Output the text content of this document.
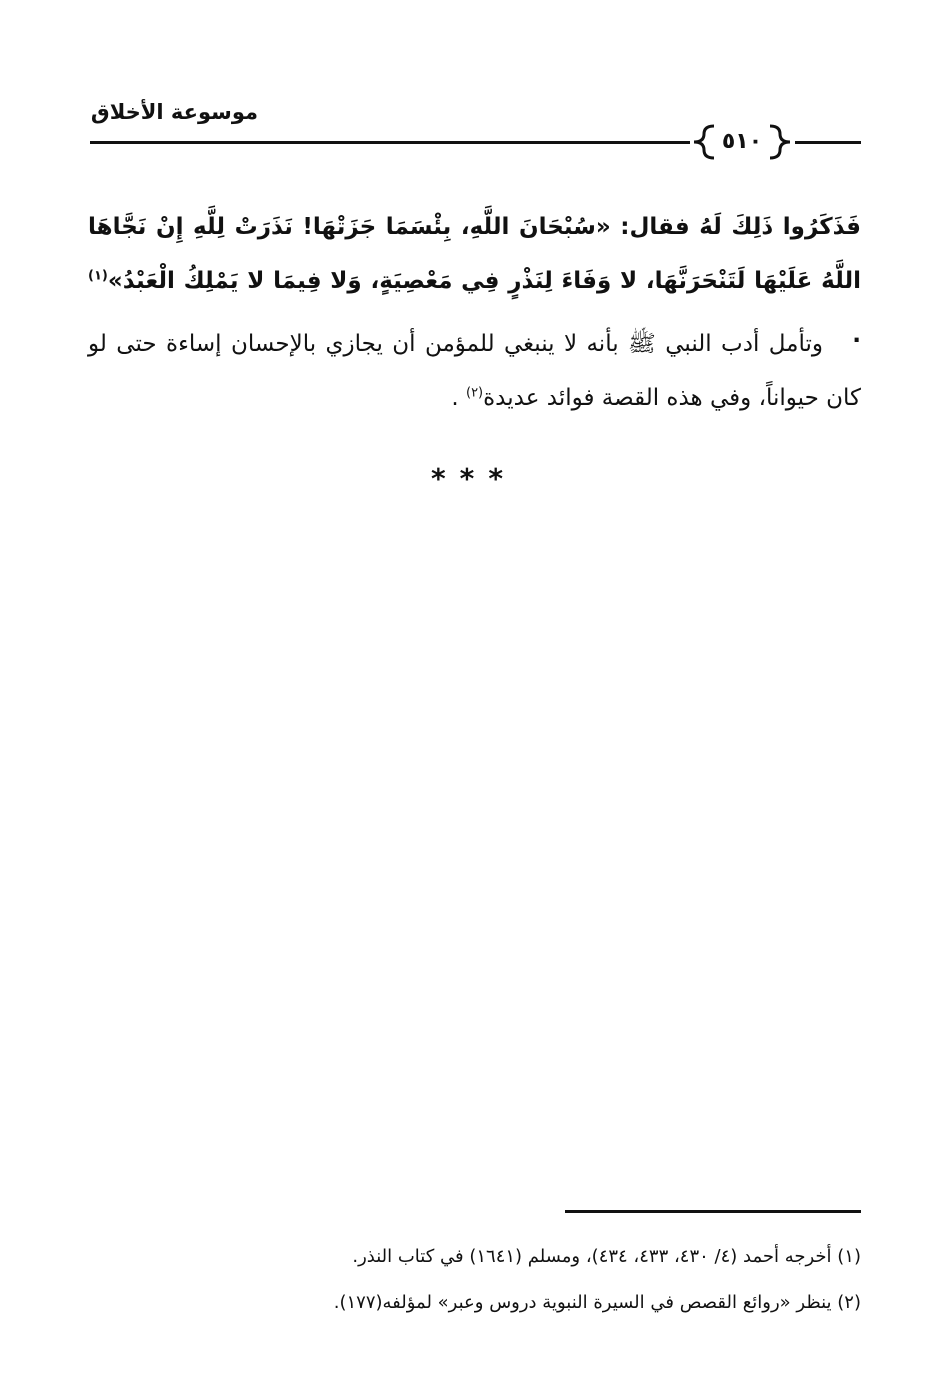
موسوعة الأخلاق
٥١٠

فَذَكَرُوا ذَلِكَ لَهُ فقال: «سُبْحَانَ اللَّهِ، بِئْسَمَا جَزَتْهَا! نَذَرَتْ لِلَّهِ إِنْ نَجَّاهَا اللَّهُ عَلَيْهَا لَتَنْحَرَنَّهَا، لا وَفَاءَ لِنَذْرٍ فِي مَعْصِيَةٍ، وَلا فِيمَا لا يَمْلِكُ الْعَبْدُ»$^{(١)}$ .

وتأمل أدب النبي ﷺ بأنه لا ينبغي للمؤمن أن يجازي بالإحسان إساءة حتى لو كان حيواناً، وفي هذه القصة فوائد عديدة$^{(٢)}$ .

***
(١) أخرجه أحمد (٤/ ٤٣٠، ٤٣٣، ٤٣٤)، ومسلم (١٦٤١) في كتاب النذر.
(٢) ينظر «روائع القصص في السيرة النبوية دروس وعبر» لمؤلفه(١٧٧).
